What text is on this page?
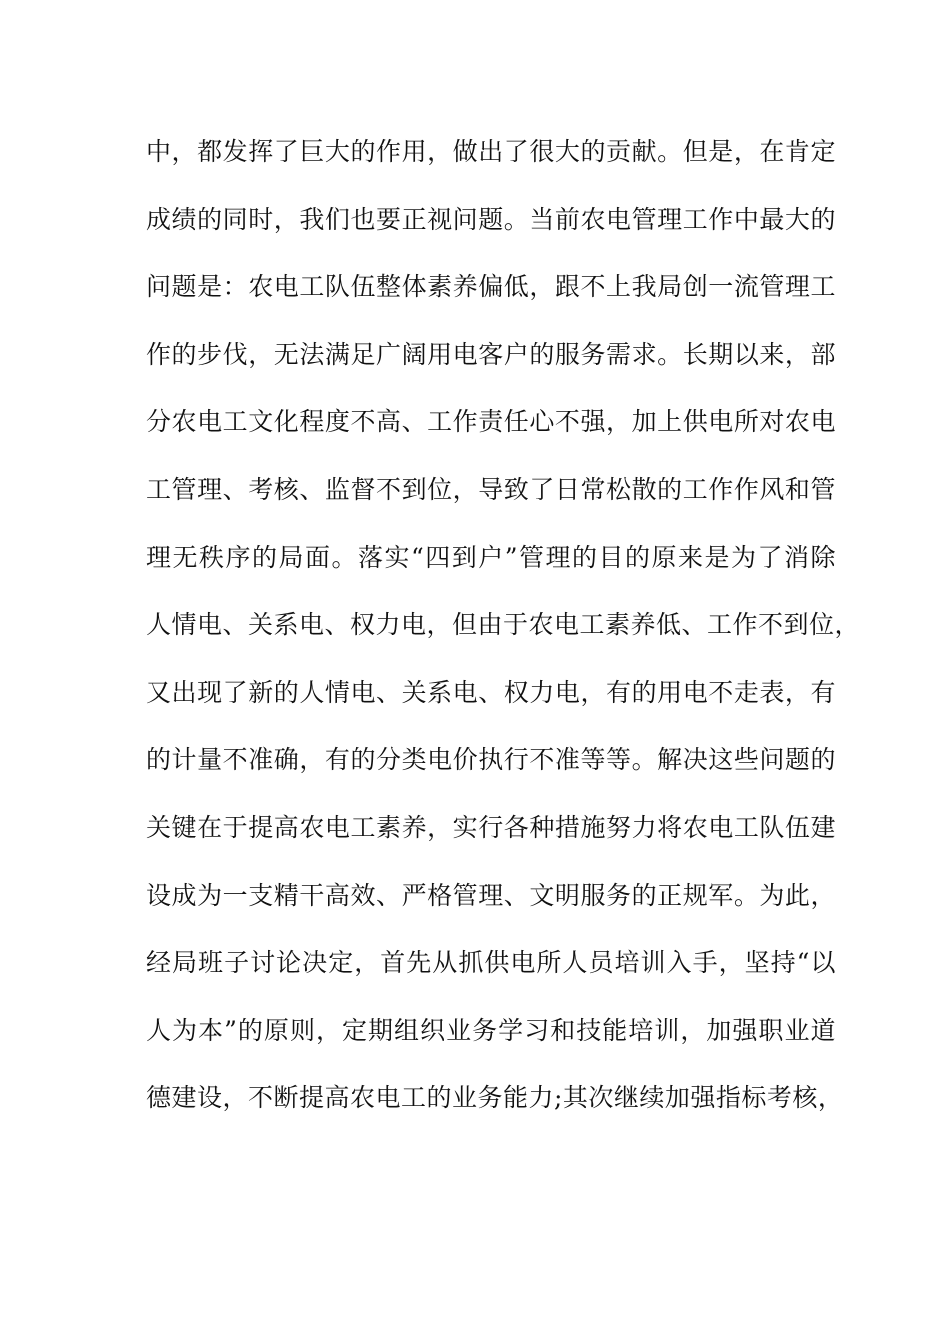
中，都发挥了巨大的作用，做出了很大的贡献。但是，在肯定
成绩的同时，我们也要正视问题。当前农电管理工作中最大的
问题是：农电工队伍整体素养偏低，跟不上我局创一流管理工
作的步伐，无法满足广阔用电客户的服务需求。长期以来，部
分农电工文化程度不高、工作责任心不强，加上供电所对农电
工管理、考核、监督不到位，导致了日常松散的工作作风和管
理无秩序的局面。落实“四到户”管理的目的原来是为了消除
人情电、关系电、权力电，但由于农电工素养低、工作不到位，
又出现了新的人情电、关系电、权力电，有的用电不走表，有
的计量不准确，有的分类电价执行不准等等。解决这些问题的
关键在于提高农电工素养，实行各种措施努力将农电工队伍建
设成为一支精干高效、严格管理、文明服务的正规军。为此，
经局班子讨论决定，首先从抓供电所人员培训入手，坚持“以
人为本”的原则，定期组织业务学习和技能培训，加强职业道
德建设，不断提高农电工的业务能力;其次继续加强指标考核，
